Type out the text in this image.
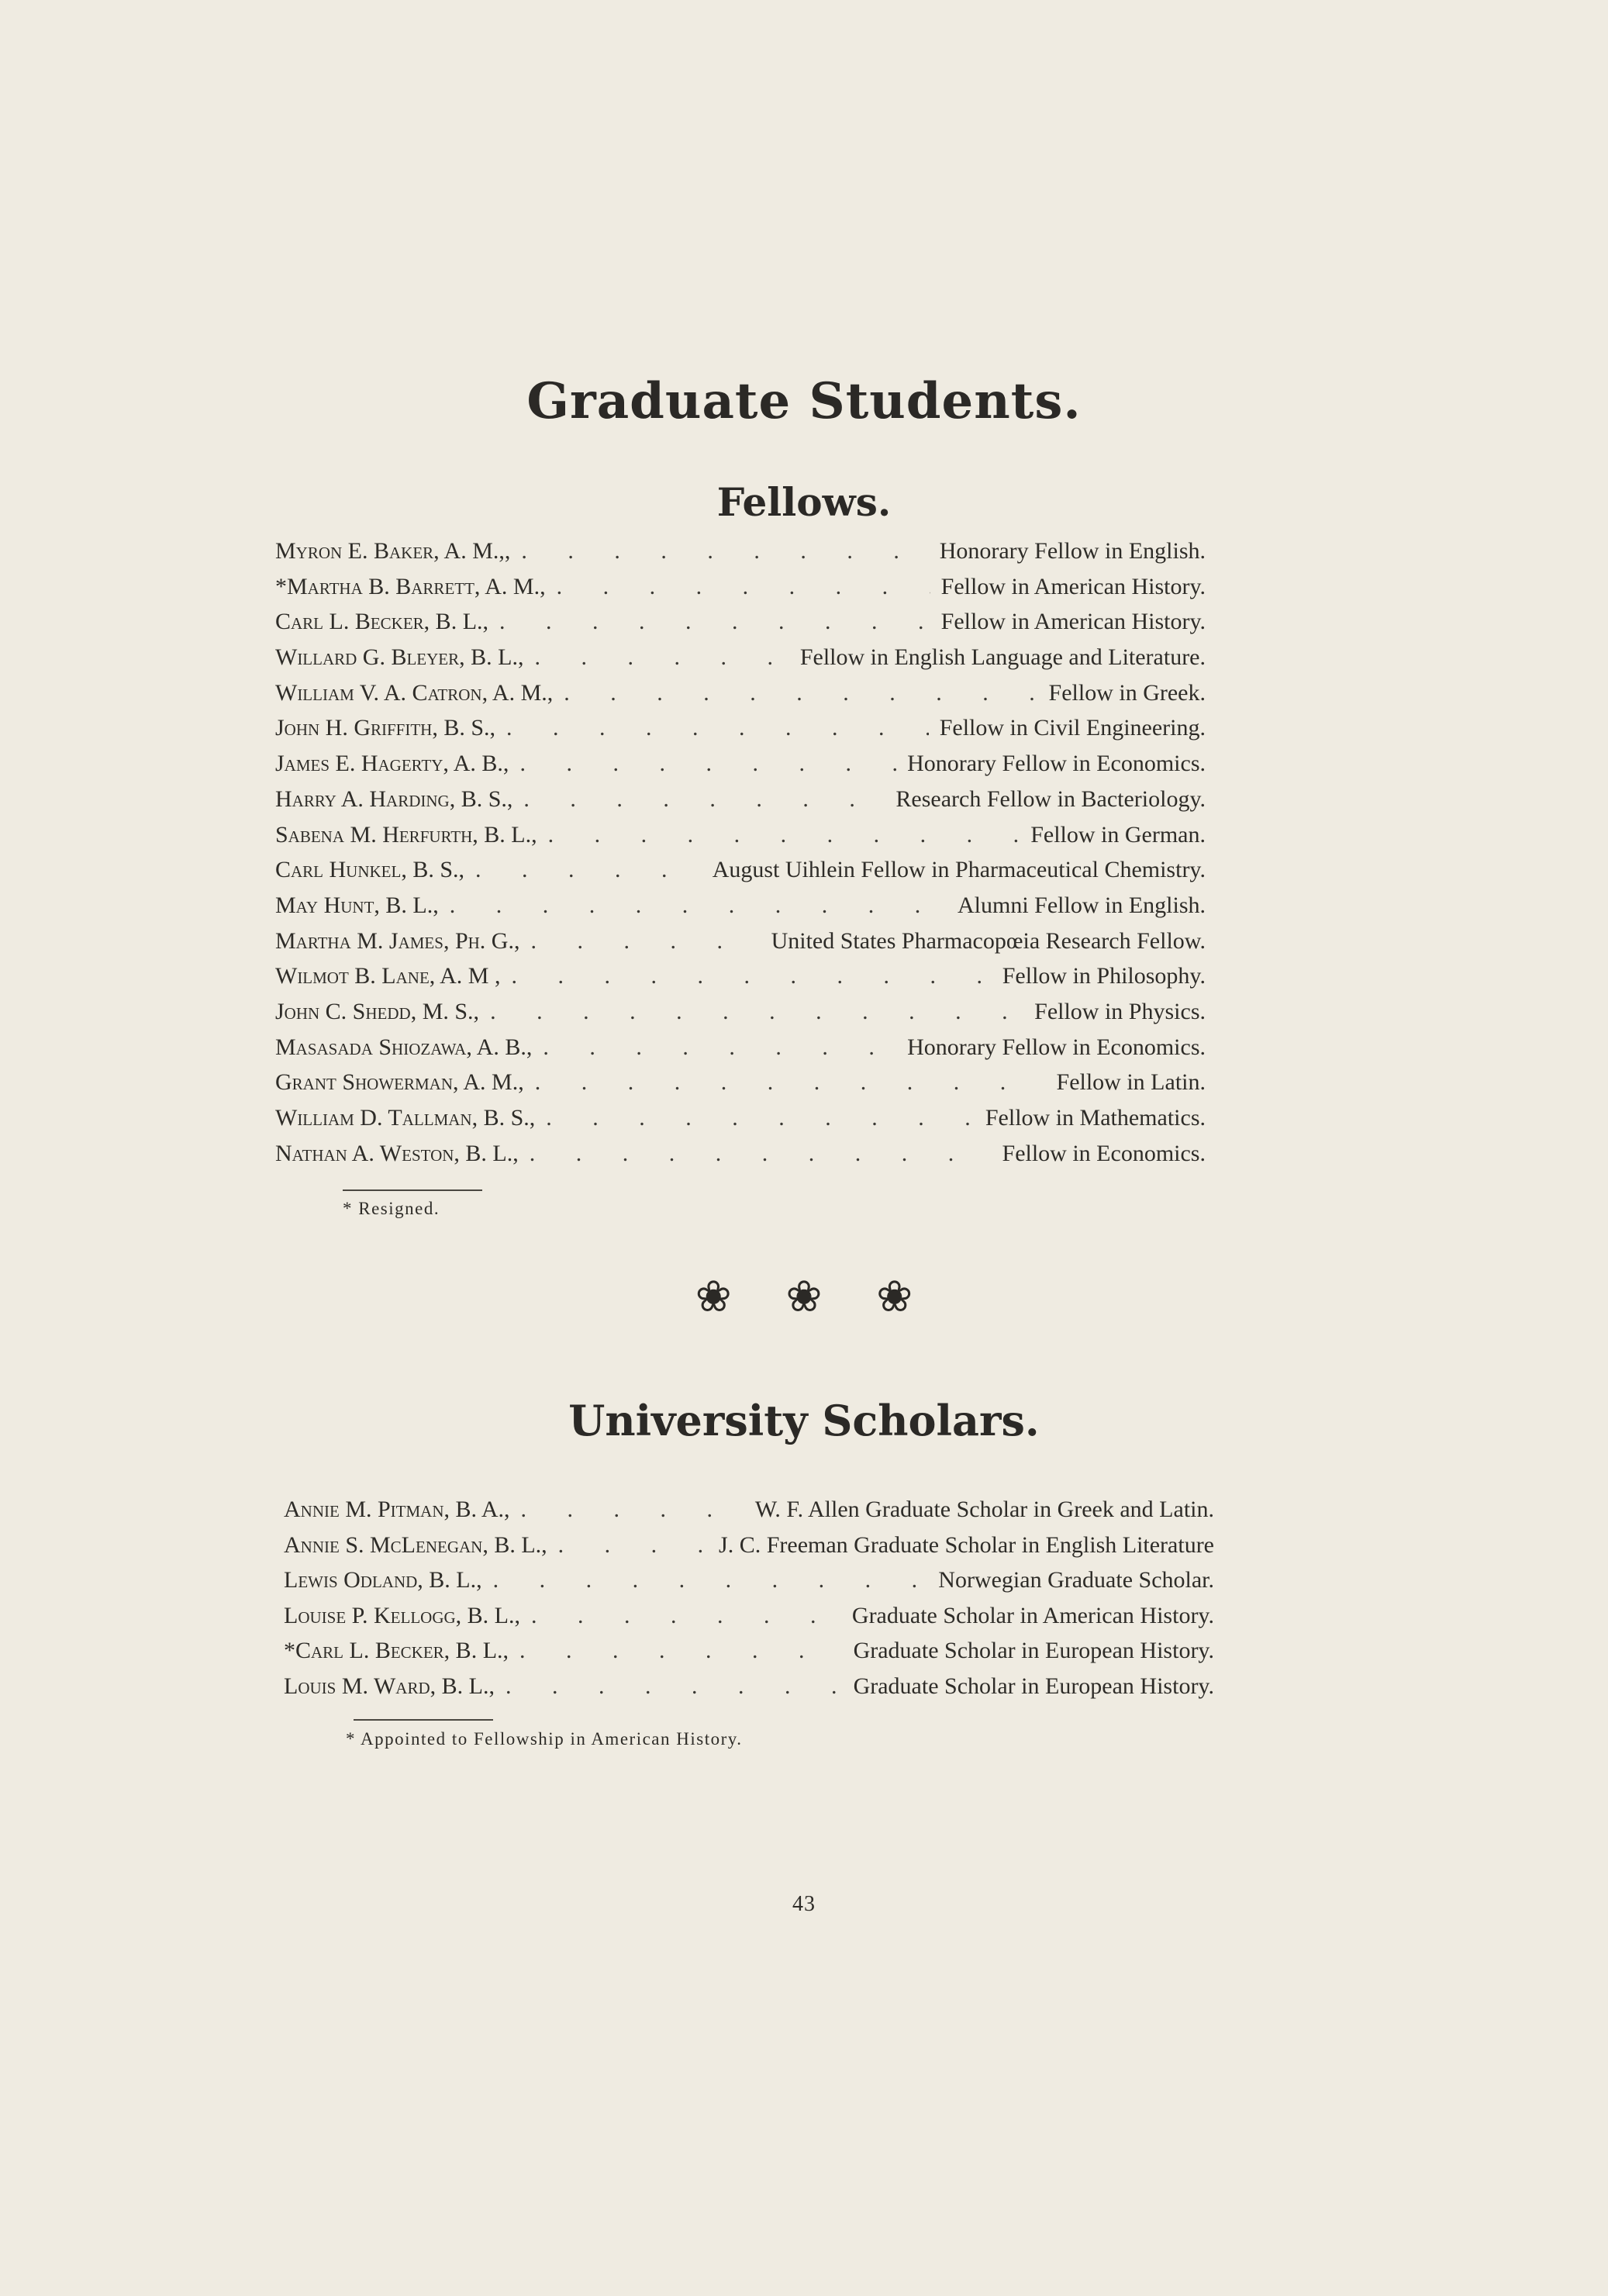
Graduate Students.
Fellows.
Myron E. Baker, A. M.,, .	Honorary Fellow in English.
*Martha B. Barrett, A. M., .	Fellow in American History.
Carl L. Becker, B. L., .	Fellow in American History.
Willard G. Bleyer, B. L., .	Fellow in English Language and Literature.
William V. A. Catron, A. M., .	Fellow in Greek.
John H. Griffith, B. S., .	Fellow in Civil Engineering.
James E. Hagerty, A. B., .	Honorary Fellow in Economics.
Harry A. Harding, B. S., .	Research Fellow in Bacteriology.
Sabena M. Herfurth, B. L., .	Fellow in German.
Carl Hunkel, B. S., .	August Uihlein Fellow in Pharmaceutical Chemistry.
May Hunt, B. L., .	Alumni Fellow in English.
Martha M. James, Ph. G., .	United States Pharmacopœia Research Fellow.
Wilmot B. Lane, A. M , .	Fellow in Philosophy.
John C. Shedd, M. S., .	Fellow in Physics.
Masasada Shiozawa, A. B., .	Honorary Fellow in Economics.
Grant Showerman, A. M., .	Fellow in Latin.
William D. Tallman, B. S., .	Fellow in Mathematics.
Nathan A. Weston, B. L., .	Fellow in Economics.
* Resigned.
❀ ❀ ❀
University Scholars.
Annie M. Pitman, B. A., .	W. F. Allen Graduate Scholar in Greek and Latin.
Annie S. McLenegan, B. L., .	J. C. Freeman Graduate Scholar in English Literature
Lewis Odland, B. L., .	Norwegian Graduate Scholar.
Louise P. Kellogg, B. L., .	Graduate Scholar in American History.
*Carl L. Becker, B. L., .	Graduate Scholar in European History.
Louis M. Ward, B. L., .	Graduate Scholar in European History.
* Appointed to Fellowship in American History.
43
